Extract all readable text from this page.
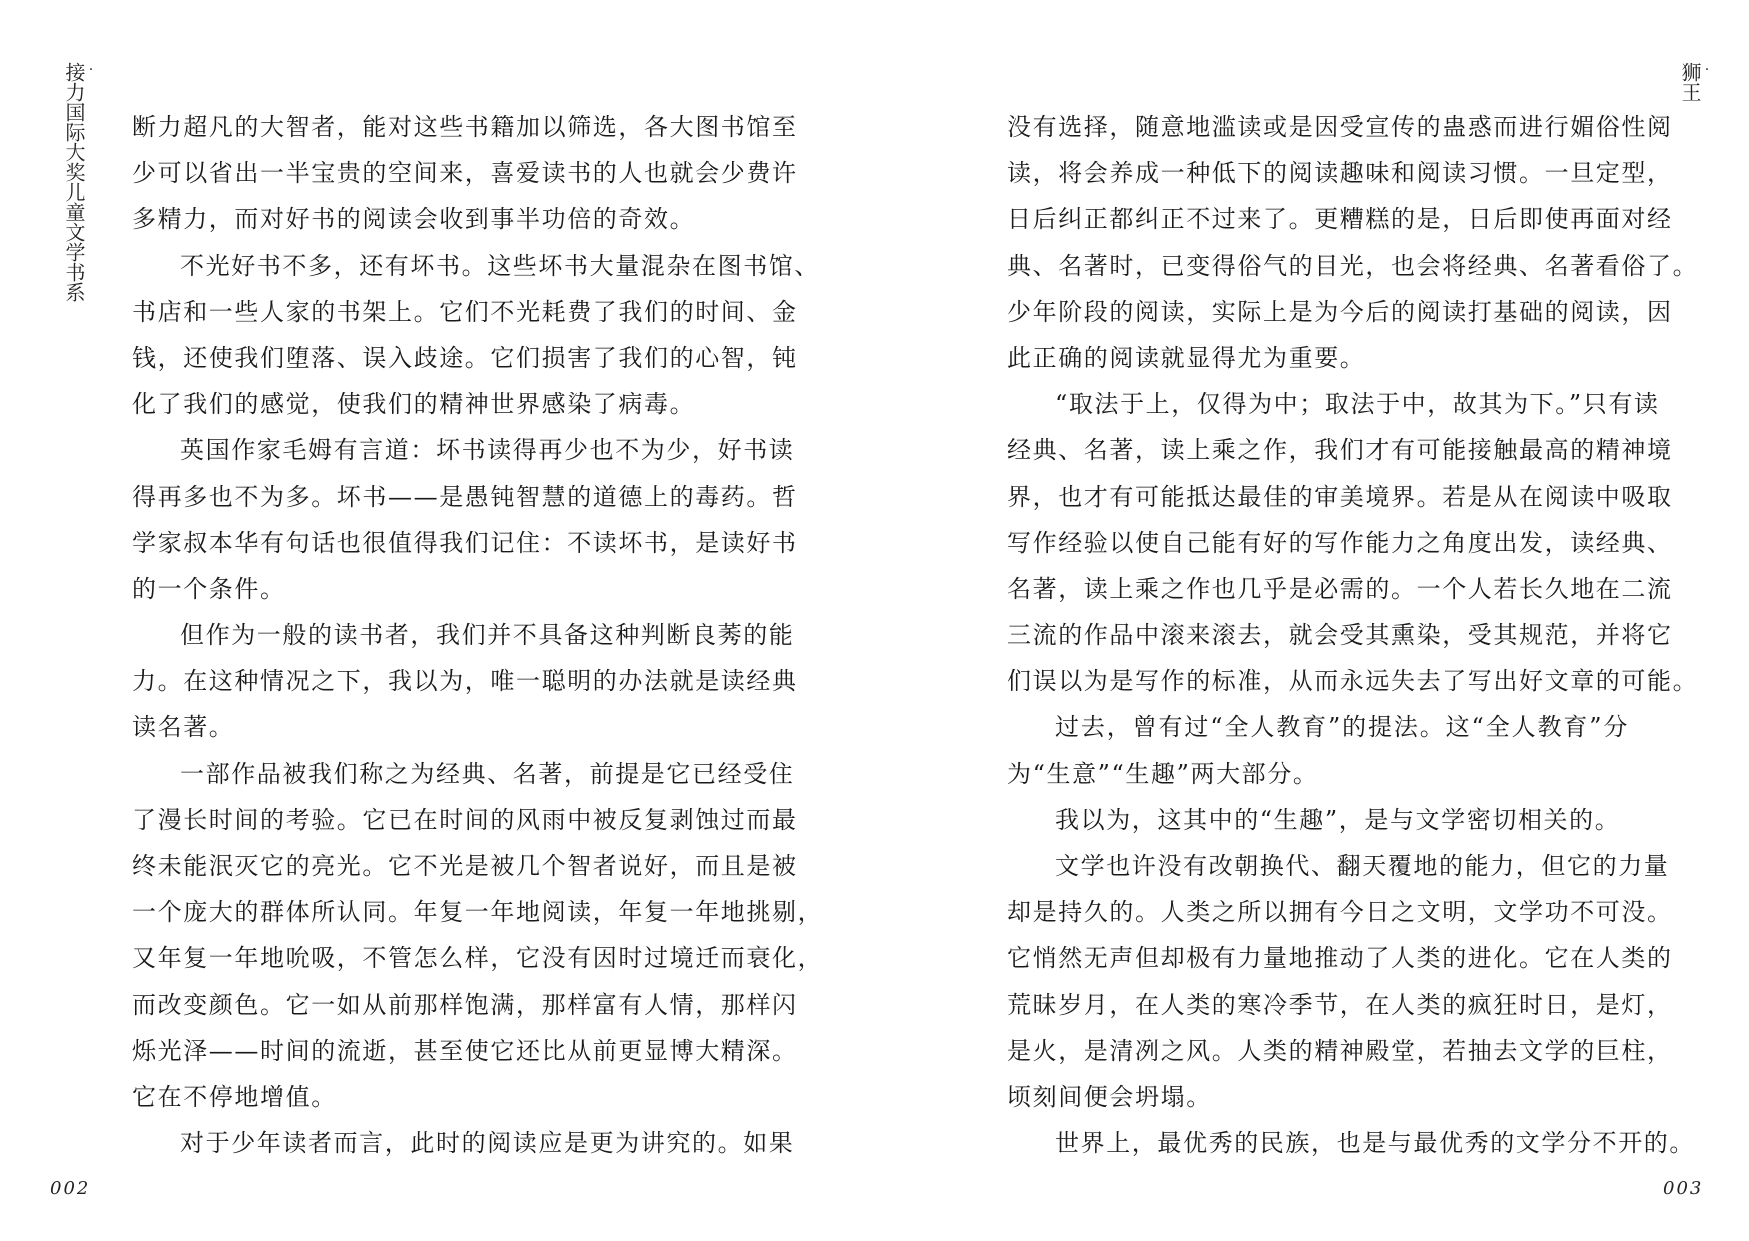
·
接力国际大奖儿童文学书系	断力超凡的大智者，能对这些书籍加以筛选，各大图书馆至
少可以省出一半宝贵的空间来，喜爱读书的人也就会少费许
多精力，而对好书的阅读会收到事半功倍的奇效。
不光好书不多，还有坏书。这些坏书大量混杂在图书馆、
书店和一些人家的书架上。它们不光耗费了我们的时间、金
钱，还使我们堕落、误入歧途。它们损害了我们的心智，钝
化了我们的感觉，使我们的精神世界感染了病毒。
英国作家毛姆有言道：坏书读得再少也不为少，好书读
得再多也不为多。坏书——是愚钝智慧的道德上的毒药。哲
学家叔本华有句话也很值得我们记住：不读坏书，是读好书
的一个条件。
但作为一般的读书者，我们并不具备这种判断良莠的能
力。在这种情况之下，我以为，唯一聪明的办法就是读经典
读名著。
一部作品被我们称之为经典、名著，前提是它已经受住
了漫长时间的考验。它已在时间的风雨中被反复剥蚀过而最
终未能泯灭它的亮光。它不光是被几个智者说好，而且是被
一个庞大的群体所认同。年复一年地阅读，年复一年地挑剔，
又年复一年地吮吸，不管怎么样，它没有因时过境迁而衰化，
而改变颜色。它一如从前那样饱满，那样富有人情，那样闪
烁光泽——时间的流逝，甚至使它还比从前更显博大精深。
它在不停地增值。
对于少年读者而言，此时的阅读应是更为讲究的。如果
002
·
狮王
没有选择，随意地滥读或是因受宣传的蛊惑而进行媚俗性阅
读，将会养成一种低下的阅读趣味和阅读习惯。一旦定型，
日后纠正都纠正不过来了。更糟糕的是，日后即使再面对经
典、名著时，已变得俗气的目光，也会将经典、名著看俗了。
少年阶段的阅读，实际上是为今后的阅读打基础的阅读，因
此正确的阅读就显得尤为重要。
“取法于上，仅得为中；取法于中，故其为下。”只有读
经典、名著，读上乘之作，我们才有可能接触最高的精神境
界，也才有可能抵达最佳的审美境界。若是从在阅读中吸取
写作经验以使自己能有好的写作能力之角度出发，读经典、
名著，读上乘之作也几乎是必需的。一个人若长久地在二流
三流的作品中滚来滚去，就会受其熏染，受其规范，并将它
们误以为是写作的标准，从而永远失去了写出好文章的可能。
过去，曾有过“全人教育”的提法。这“全人教育”分
为“生意”“生趣”两大部分。
我以为，这其中的“生趣”，是与文学密切相关的。
文学也许没有改朝换代、翻天覆地的能力，但它的力量
却是持久的。人类之所以拥有今日之文明，文学功不可没。
它悄然无声但却极有力量地推动了人类的进化。它在人类的
荒昧岁月，在人类的寒冷季节，在人类的疯狂时日，是灯，
是火，是清冽之风。人类的精神殿堂，若抽去文学的巨柱，
顷刻间便会坍塌。
世界上，最优秀的民族，也是与最优秀的文学分不开的。
003
